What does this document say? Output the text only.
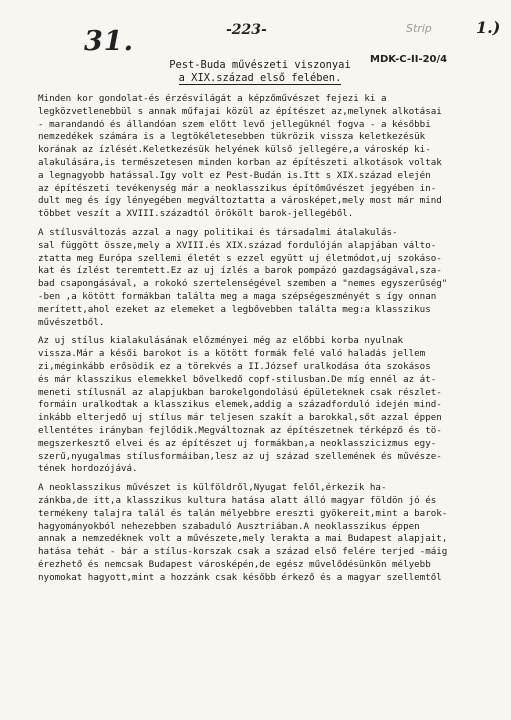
31.	-223-	Strip	1.)
MDK-C-II-20/4
Pest-Buda művészeti viszonyai
a XIX.század első felében.
Minden kor gondolat-és érzésvilágát a képzőművészet fejezi ki a
legközvetlenebbül s annak műfajai közül az építészet az,melynek alkotásai
- marandandó és állandóan szem előtt levő jellegüknél fogva - a későbbi
nemzedékek számára is a legtökéletesebben tükrözik vissza keletkezésük
korának az ízlését.Keletkezésük helyének külső jellegére,a városkép ki-
alakulására,is természetesen minden korban az építészeti alkotások voltak
a legnagyobb hatással.Igy volt ez Pest-Budán is.Itt s XIX.század elején
az építészeti tevékenység már a neoklasszikus építőművészet jegyében in-
dult meg és így lényegében megváltoztatta a városképet,mely most már mind
többet veszít a XVIII.századtól örökölt barok-jellegéből.
A stílusváltozás azzal a nagy politikai és társadalmi átalakulás-
sal függött össze,mely a XVIII.és XIX.század fordulóján alapjában válto-
ztatta meg Európa szellemi életét s ezzel együtt uj életmódot,uj szokáso-
kat és ízlést teremtett.Ez az uj ízlés a barok pompázó gazdagságával,sza-
bad csapongásával, a rokokó szertelenségével szemben a "nemes egyszerűség"
-ben ,a kötött formákban találta meg a maga szépségeszményét s így onnan
merített,ahol ezeket az elemeket a legbővebben találta meg:a klasszikus
művészetből.
Az uj stílus kialakulásának előzményei még az előbbi korba nyulnak
vissza.Már a késői barokot is a kötött formák felé való haladás jellem
zi,méginkább erősödik ez a törekvés a II.József uralkodása óta szokásos
és már klasszikus elemekkel bővelkedő copf-stilusban.De míg ennél az át-
meneti stílusnál az alapjukban barokelgondolású épületeknek csak részlet-
formáin uralkodtak a klasszikus elemek,addig a századforduló idején mind-
inkább elterjedő uj stílus már teljesen szakít a barokkal,sőt azzal éppen
ellentétes irányban fejlődik.Megváltoznak az építészetnek térképző és tö-
megszerkesztő elvei és az építészet uj formákban,a neoklasszicizmus egy-
szerű,nyugalmas stílusformáiban,lesz az uj század szellemének és művésze-
tének hordozójává.
A neoklasszikus művészet is külföldről,Nyugat felől,érkezik ha-
zánkba,de itt,a klasszikus kultura hatása alatt álló magyar földön jó és
termékeny talajra talál és talán mélyebbre ereszti gyökereit,mint a barok-
hagyományokból nehezebben szabaduló Ausztriában.A neoklasszikus éppen
annak a nemzedéknek volt a művészete,mely lerakta a mai Budapest alapjait,
hatása tehát - bár a stílus-korszak csak a század első felére terjed -máig
érezhető és nemcsak Budapest városképén,de egész művelődésünkön mélyebb
nyomokat hagyott,mint a hozzánk csak később érkező és a magyar szellemtől
